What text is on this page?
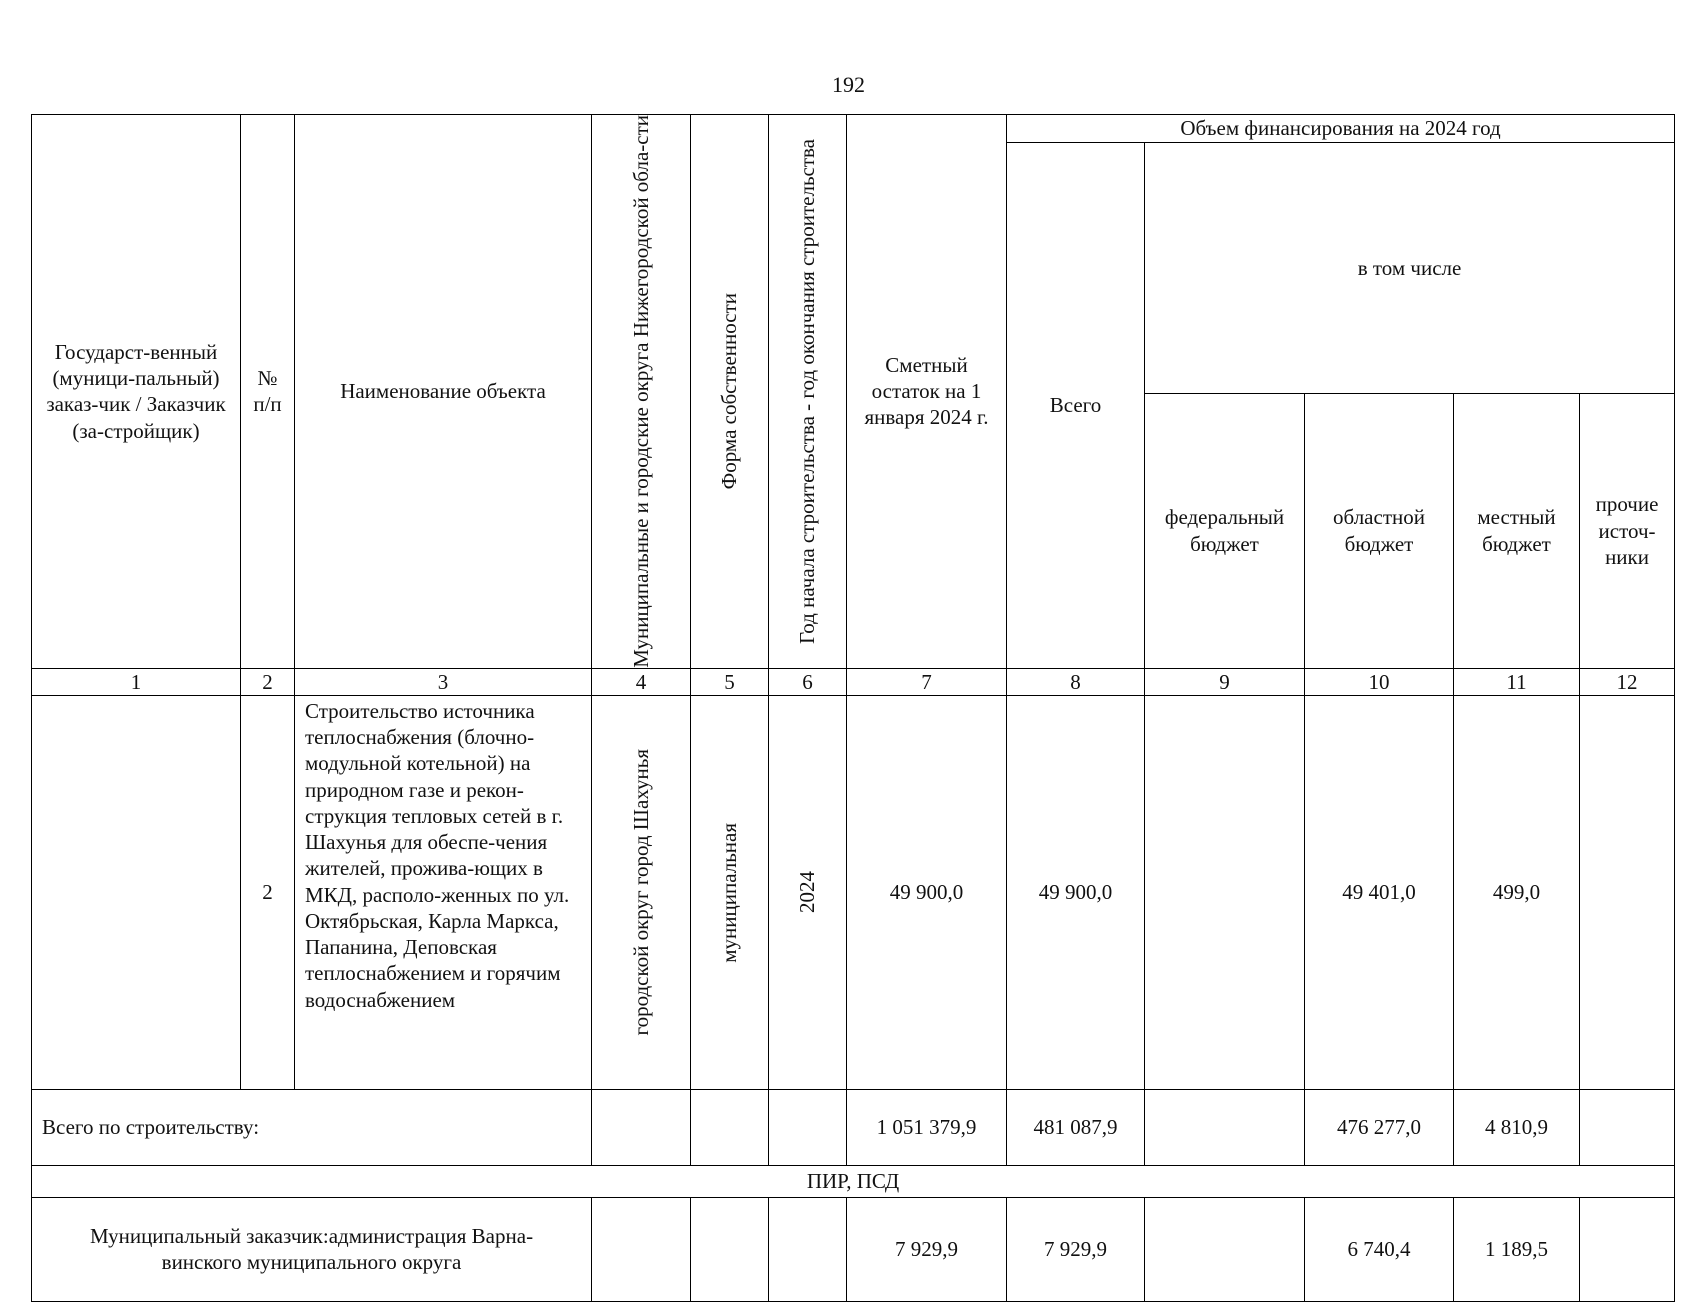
192
Государст-венный (муници-пальный) заказ-чик / Заказчик (за-стройщик)	№ п/п	Наименование объекта	Муниципальные и городские округа Нижегородской обла-сти	Форма собственности	Год начала строительства - год окончания строительства	Сметный остаток на 1 января 2024 г.	Объем финансирования на 2024 год				
							Всего	в том числе			
								федеральный бюджет	областной бюджет	местный бюджет	прочие источ-ники
1	2	3	4	5	6	7	8	9	10	11	12
	2	Строительство источника теплоснабжения (блочно-модульной котельной) на природном газе и рекон-струкция тепловых сетей в г. Шахунья для обеспе-чения жителей, прожива-ющих в МКД, располо-женных по ул. Октябрьская, Карла Маркса, Папанина, Деповская теплоснабжением и горячим водоснабжением	городской округ город Шахунья	муниципальная	2024	49 900,0	49 900,0		49 401,0	499,0	
Всего по строительству:						1 051 379,9	481 087,9		476 277,0	4 810,9	
ПИР, ПСД											
Муниципальный заказчик:администрация Варна-винского муниципального округа						7 929,9	7 929,9		6 740,4	1 189,5	
